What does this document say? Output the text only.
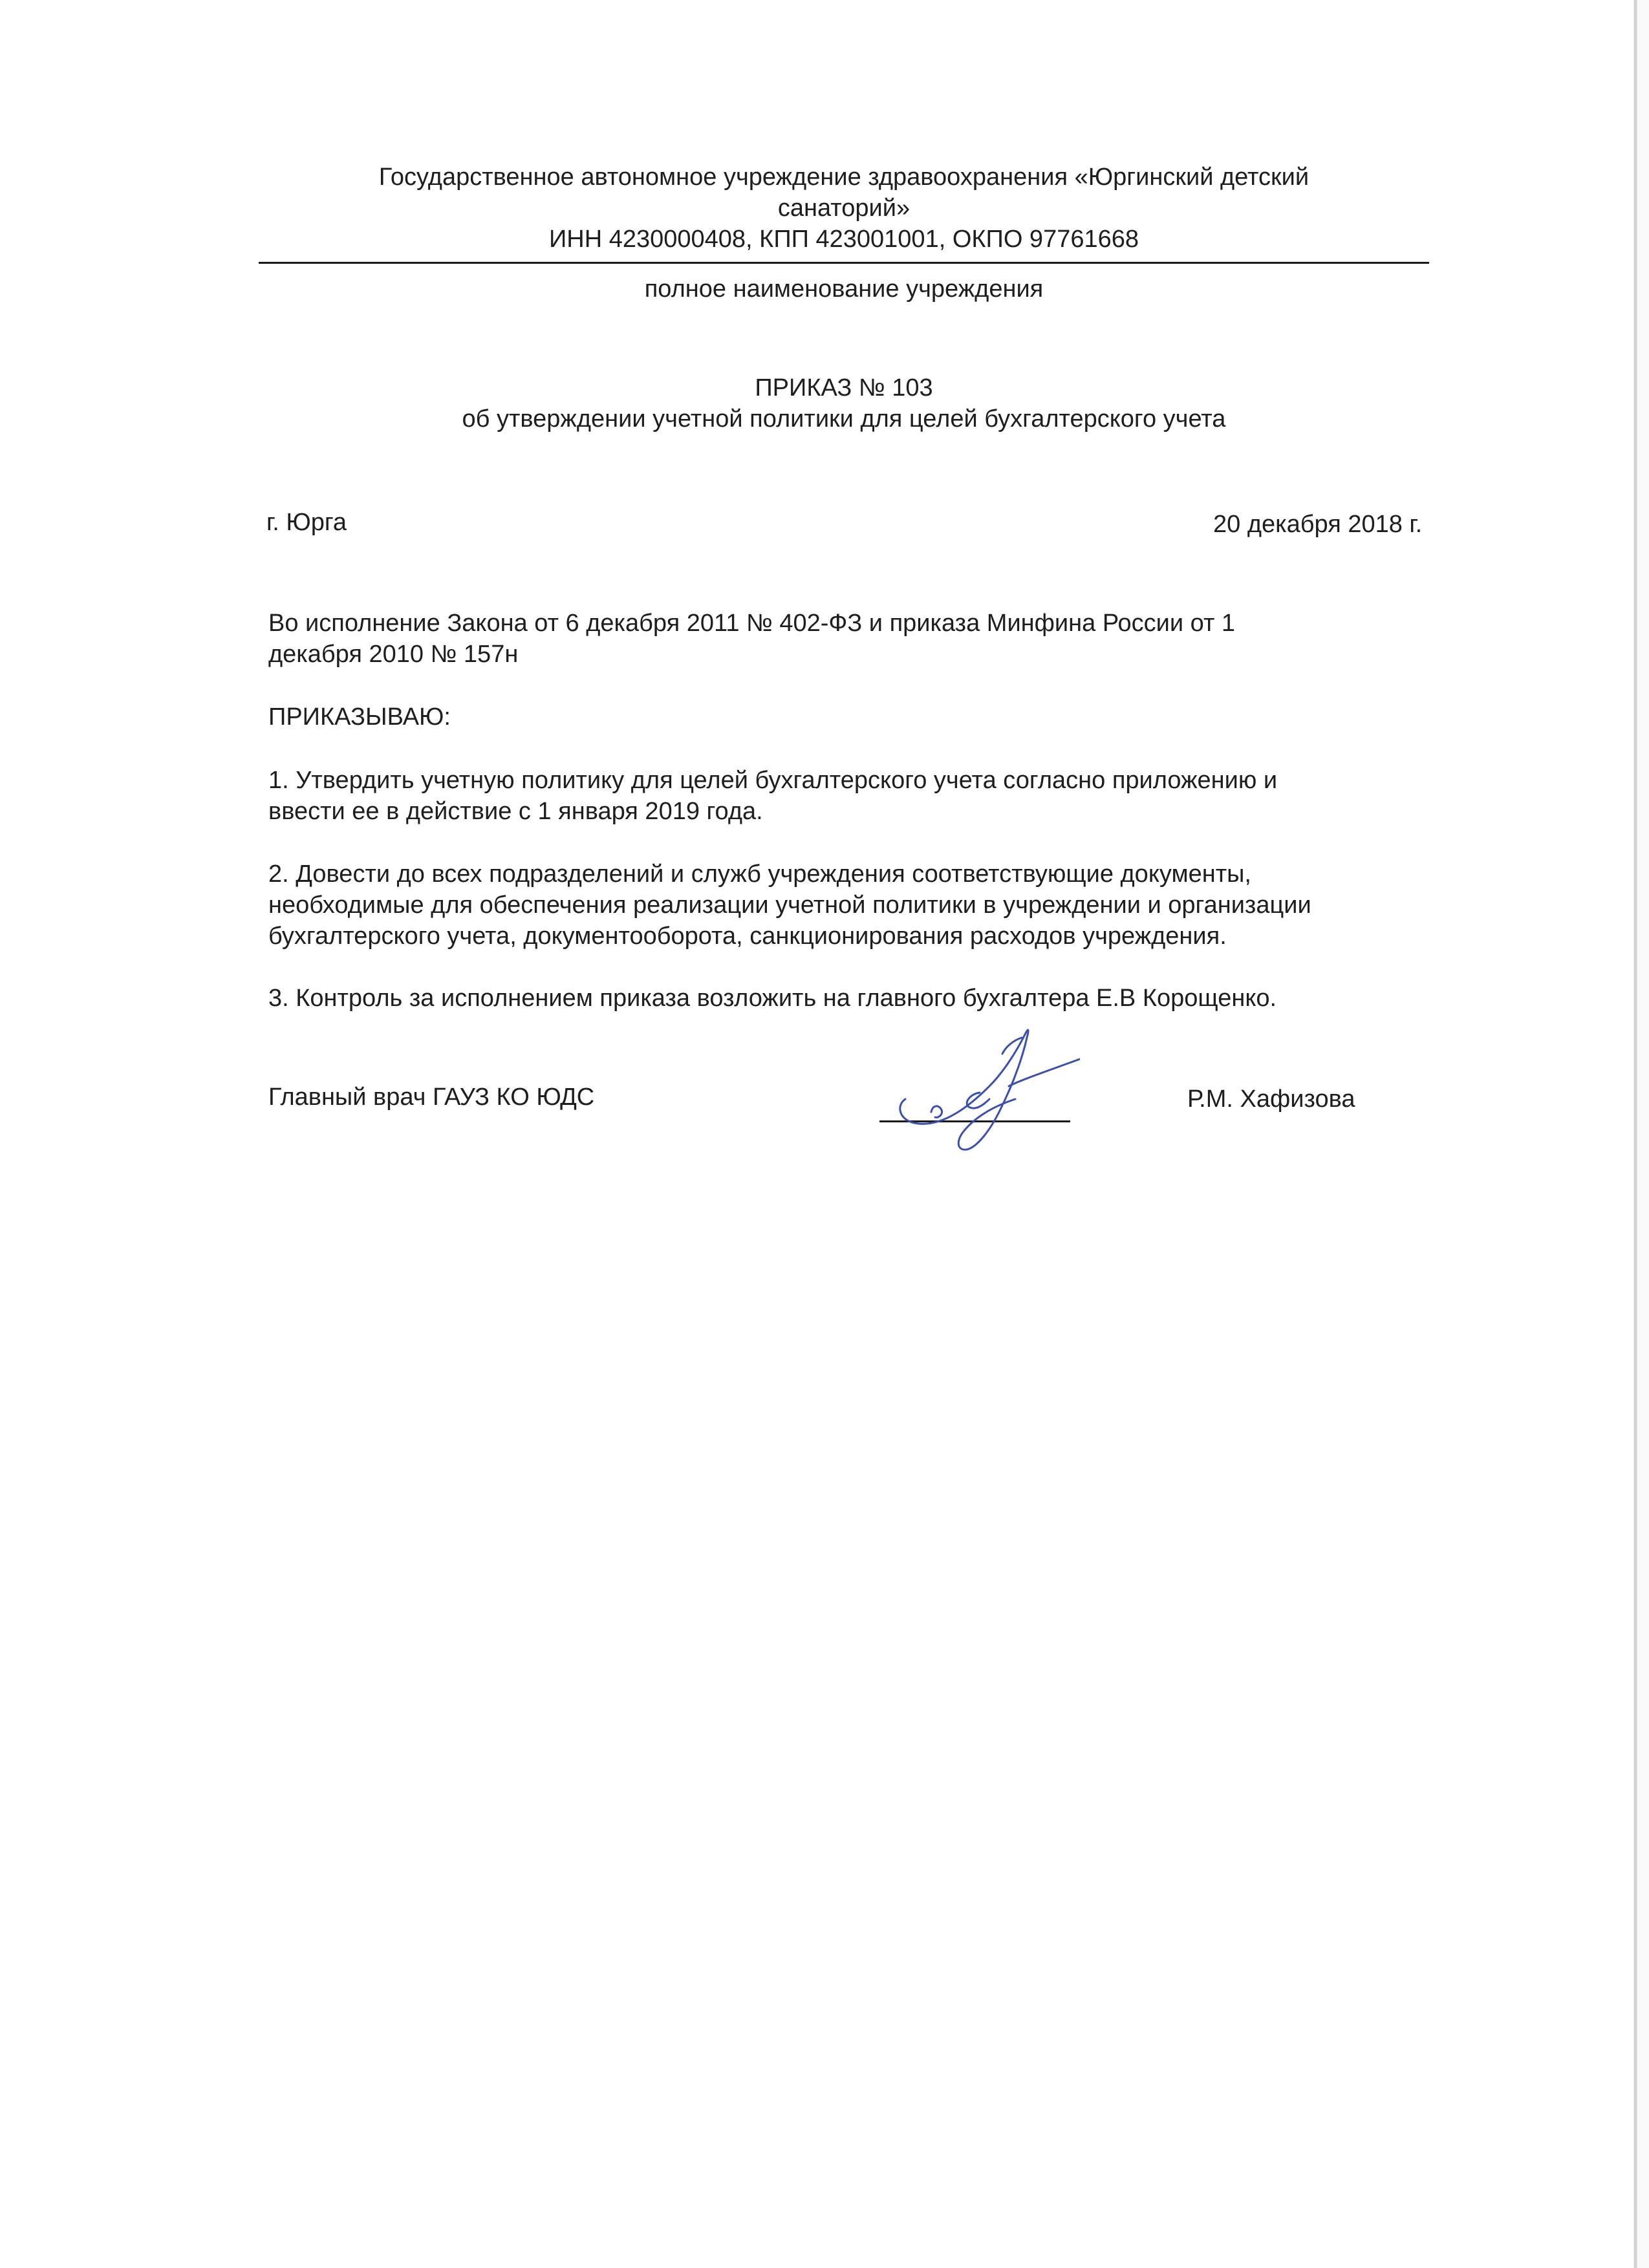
Государственное автономное учреждение здравоохранения «Юргинский детский
санаторий»
ИНН 4230000408, КПП 423001001, ОКПО 97761668
полное наименование учреждения
ПРИКАЗ № 103
об утверждении учетной политики для целей бухгалтерского учета
г. Юрга	20 декабря 2018 г.
Во исполнение Закона от 6 декабря 2011 № 402-ФЗ и приказа Минфина России от 1
декабря 2010 № 157н
ПРИКАЗЫВАЮ:
1. Утвердить учетную политику для целей бухгалтерского учета согласно приложению и
ввести ее в действие с 1 января 2019 года.
2. Довести до всех подразделений и служб учреждения соответствующие документы,
необходимые для обеспечения реализации учетной политики в учреждении и организации
бухгалтерского учета, документооборота, санкционирования расходов учреждения.
3. Контроль за исполнением приказа возложить на главного бухгалтера Е.В Корощенко.
Главный врач ГАУЗ КО ЮДС	Р.М. Хафизова
